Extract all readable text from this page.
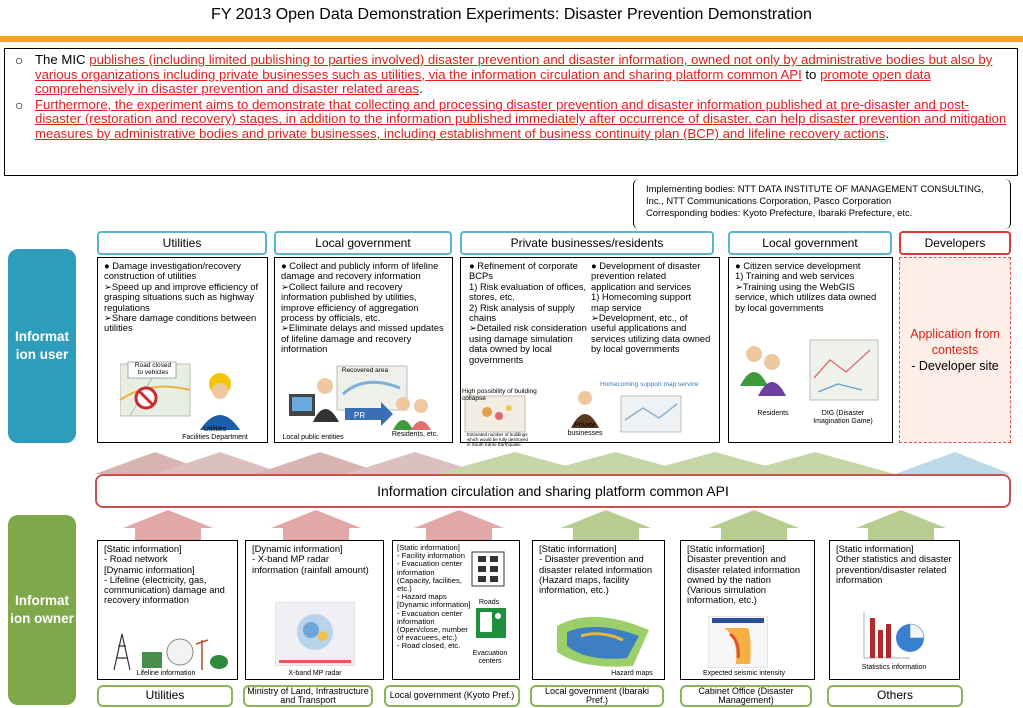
FY 2013 Open Data Demonstration Experiments: Disaster Prevention Demonstration

○ The MIC publishes (including limited publishing to parties involved) disaster prevention and disaster information, owned not only by administrative bodies but also by various organizations including private businesses such as utilities, via the information circulation and sharing platform common API to promote open data comprehensively in disaster prevention and disaster related areas.

○ Furthermore, the experiment aims to demonstrate that collecting and processing disaster prevention and disaster information published at pre-disaster and post-disaster (restoration and recovery) stages, in addition to the information published immediately after occurrence of disaster, can help disaster prevention and mitigation measures by administrative bodies and private businesses, including establishment of business continuity plan (BCP) and lifeline recovery actions.

Implementing bodies: NTT DATA INSTITUTE OF MANAGEMENT CONSULTING, Inc., NTT Communications Corporation, Pasco Corporation
Corresponding bodies: Kyoto Prefecture, Ibaraki Prefecture, etc.
Informat ion user
Informat ion owner
Utilities
● Damage investigation/recovery construction of utilities
➢Speed up and improve efficiency of grasping situations such as highway regulations
➢Share damage conditions between utilities
Road closed to vehicles
Utilities
Facilities Department
Local government
● Collect and publicly inform of lifeline damage and recovery information
➢Collect failure and recovery information published by utilities, improve efficiency of aggregation process by officials, etc.
➢Eliminate delays and missed updates of lifeline damage and recovery information
Recovered area
PR
Local public entities	Residents, etc.
Private businesses/residents
● Refinement of corporate BCPs
1) Risk evaluation of offices, stores, etc.
2) Risk analysis of supply chains
➢Detailed risk consideration using damage simulation data owned by local governments
● Development of disaster prevention related application and services
1) Homecoming support map service
➢Development, etc., of useful applications and services utilizing data owned by local governments
High possibility of building collapse
Estimated number of buildings which would be fully destroyed in South Kanto Earthquake
Homecoming support map service
Private
businesses
Local government
● Citizen service development
1) Training and web services
➢Training using the WebGIS service, which utilizes data owned by local governments
Residents	DIG (Disaster
Imagination Game)
Developers
Application from contests
- Developer site
Information circulation and sharing platform common API
[Static information]
- Road network
[Dynamic information]
- Lifeline (electricity, gas, communication) damage and recovery information
Lifeline information
Utilities
[Dynamic information]
- X-band MP radar information (rainfall amount)
X-band MP radar
Ministry of Land, Infrastructure and Transport
[Static information]
- Facility information
- Evacuation center information
(Capacity, facilities, etc.)
- Hazard maps
[Dynamic information]
- Evacuation center information
(Open/close, number of evacuees, etc.)
- Road closed, etc.
Roads
Evacuation centers
Local government (Kyoto Pref.)
[Static information]
- Disaster prevention and disaster related information
(Hazard maps, facility information, etc.)
Hazard maps
Local government (Ibaraki Pref.)
[Static information]
Disaster prevention and disaster related information owned by the nation
(Various simulation information, etc.)
Expected seismic intensity
Cabinet Office (Disaster Management)
[Static information]
Other statistics and disaster prevention/disaster related information
Statistics information
Others
